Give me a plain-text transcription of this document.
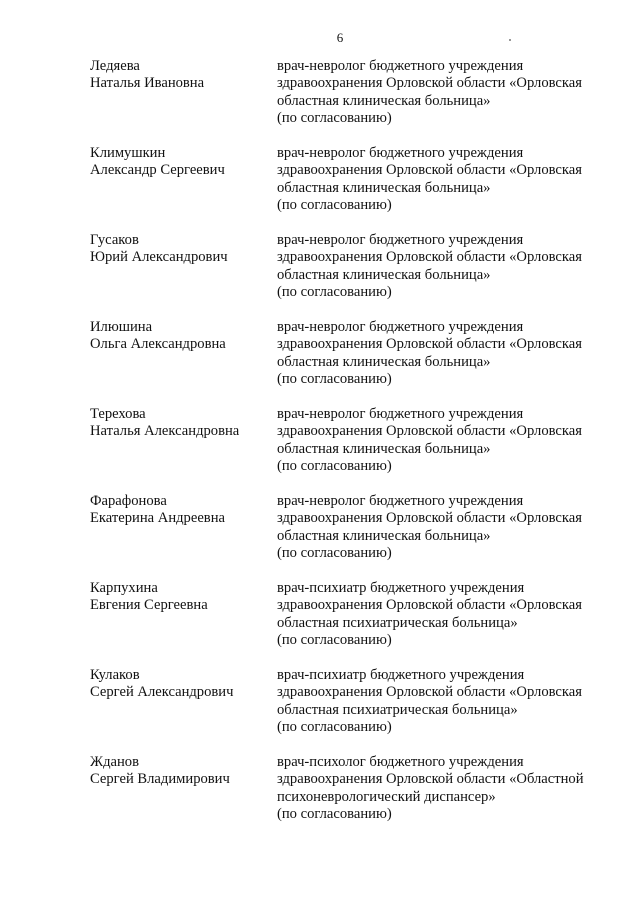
6
Ледяева
Наталья Ивановна
врач-невролог бюджетного учреждения
здравоохранения Орловской области «Орловская
областная клиническая больница»
(по согласованию)
Климушкин
Александр Сергеевич
врач-невролог бюджетного учреждения
здравоохранения Орловской области «Орловская
областная клиническая больница»
(по согласованию)
Гусаков
Юрий Александрович
врач-невролог бюджетного учреждения
здравоохранения Орловской области «Орловская
областная клиническая больница»
(по согласованию)
Илюшина
Ольга Александровна
врач-невролог бюджетного учреждения
здравоохранения Орловской области «Орловская
областная клиническая больница»
(по согласованию)
Терехова
Наталья Александровна
врач-невролог бюджетного учреждения
здравоохранения Орловской области «Орловская
областная клиническая больница»
(по согласованию)
Фарафонова
Екатерина Андреевна
врач-невролог бюджетного учреждения
здравоохранения Орловской области «Орловская
областная клиническая больница»
(по согласованию)
Карпухина
Евгения Сергеевна
врач-психиатр бюджетного учреждения
здравоохранения Орловской области «Орловская
областная психиатрическая больница»
(по согласованию)
Кулаков
Сергей Александрович
врач-психиатр бюджетного учреждения
здравоохранения Орловской области «Орловская
областная психиатрическая больница»
(по согласованию)
Жданов
Сергей Владимирович
врач-психолог бюджетного учреждения
здравоохранения Орловской области «Областной
психоневрологический диспансер»
(по согласованию)
